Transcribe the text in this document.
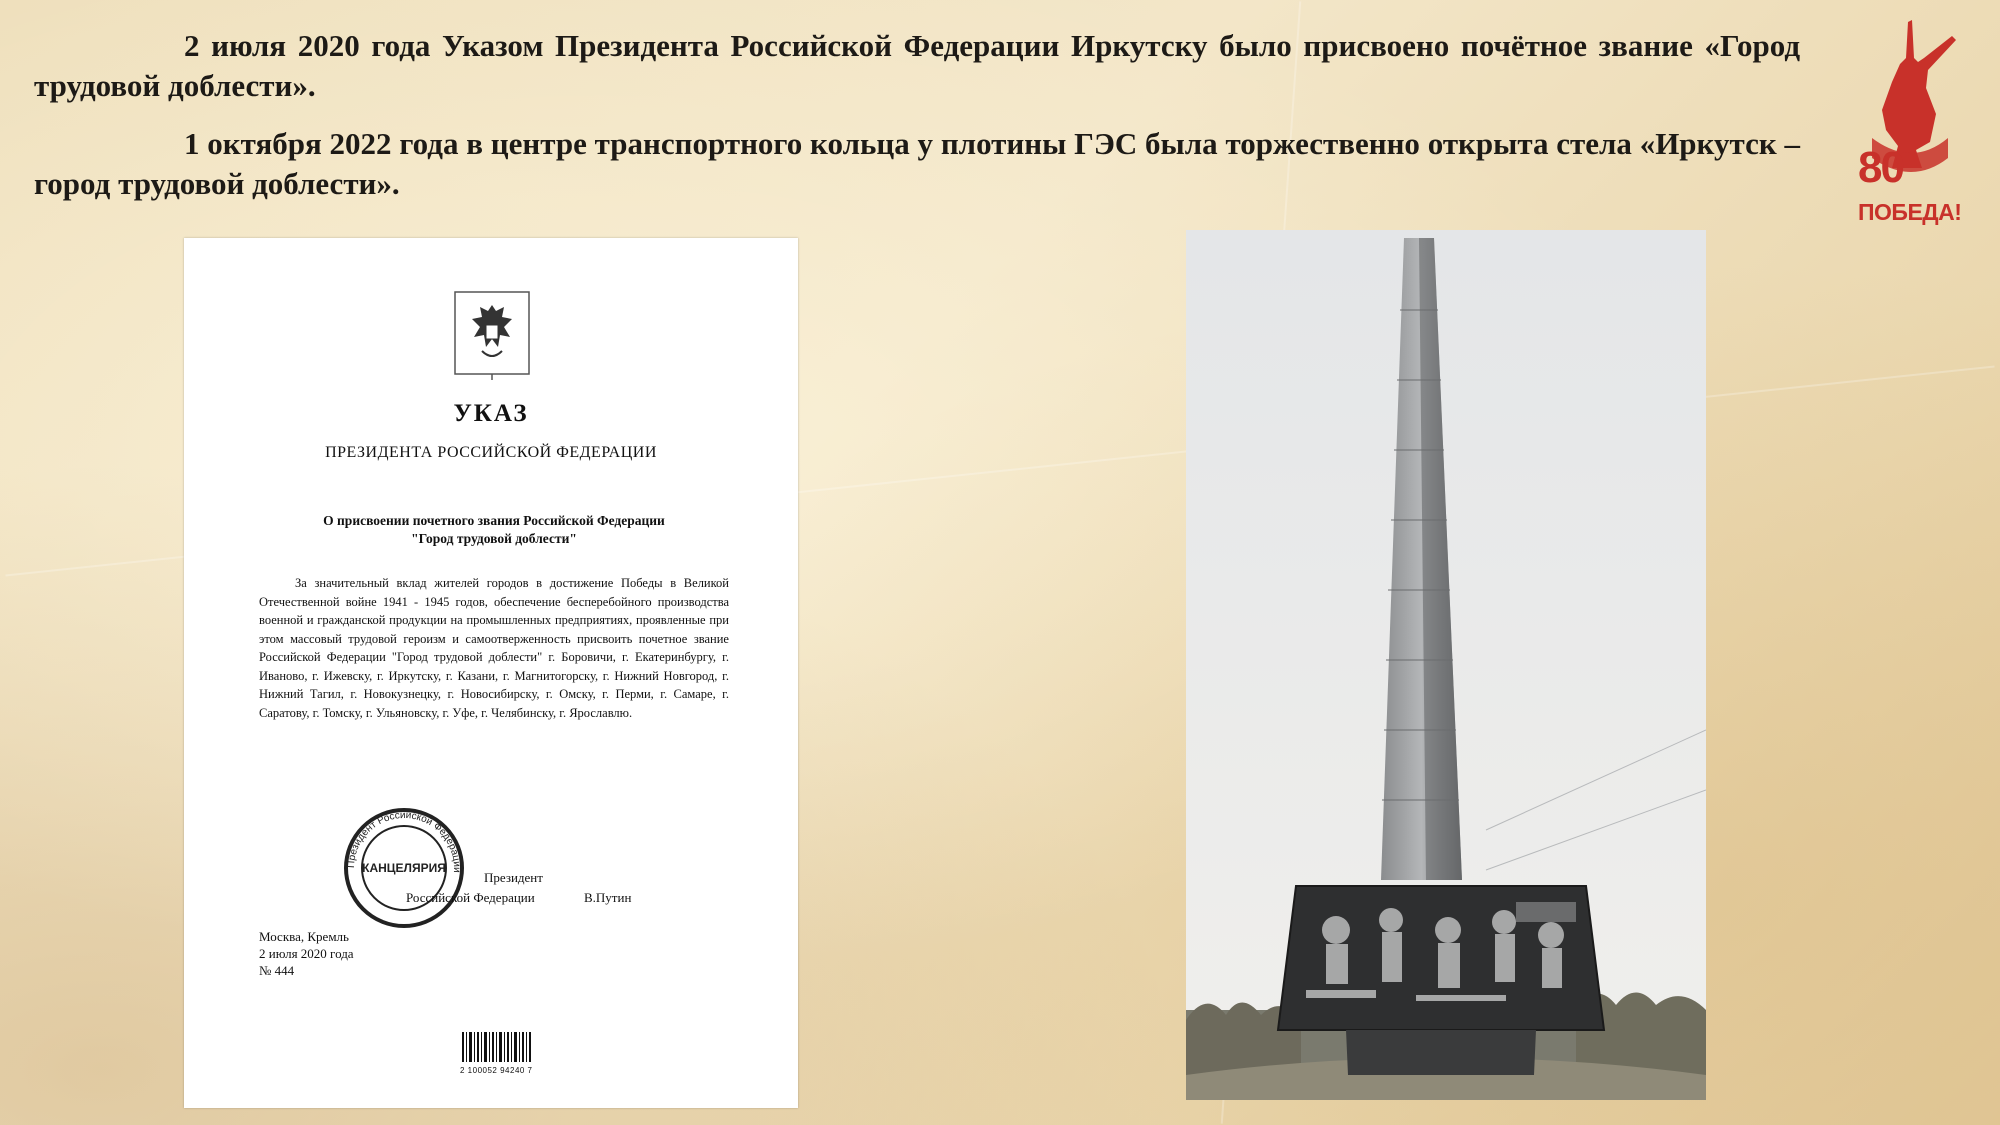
2 июля 2020 года Указом Президента Российской Федерации Иркутску было присвоено почётное звание «Город трудовой доблести».

1 октября 2022 года в центре транспортного кольца у плотины ГЭС была торжественно открыта стела «Иркутск – город трудовой доблести».

УКАЗ
ПРЕЗИДЕНТА РОССИЙСКОЙ ФЕДЕРАЦИИ
О присвоении почетного звания Российской Федерации
"Город трудовой доблести"

За значительный вклад жителей городов в достижение Победы в Великой Отечественной войне 1941 - 1945 годов, обеспечение бесперебойного производства военной и гражданской продукции на промышленных предприятиях, проявленные при этом массовый трудовой героизм и самоотверженность присвоить почетное звание Российской Федерации "Город трудовой доблести" г. Боровичи, г. Екатеринбургу, г. Иваново, г. Ижевску, г. Иркутску, г. Казани, г. Магнитогорску, г. Нижний Новгород, г. Нижний Тагил, г. Новокузнецку, г. Новосибирску, г. Омску, г. Перми, г. Самаре, г. Саратову, г. Томску, г. Ульяновску, г. Уфе, г. Челябинску, г. Ярославлю.

Президент Российской Федерации
КАНЦЕЛЯРИЯ
Президент
Российской Федерации	В.Путин
Москва, Кремль
2 июля 2020 года
№ 444
2 100052 94240 7
80
ПОБЕДА!
